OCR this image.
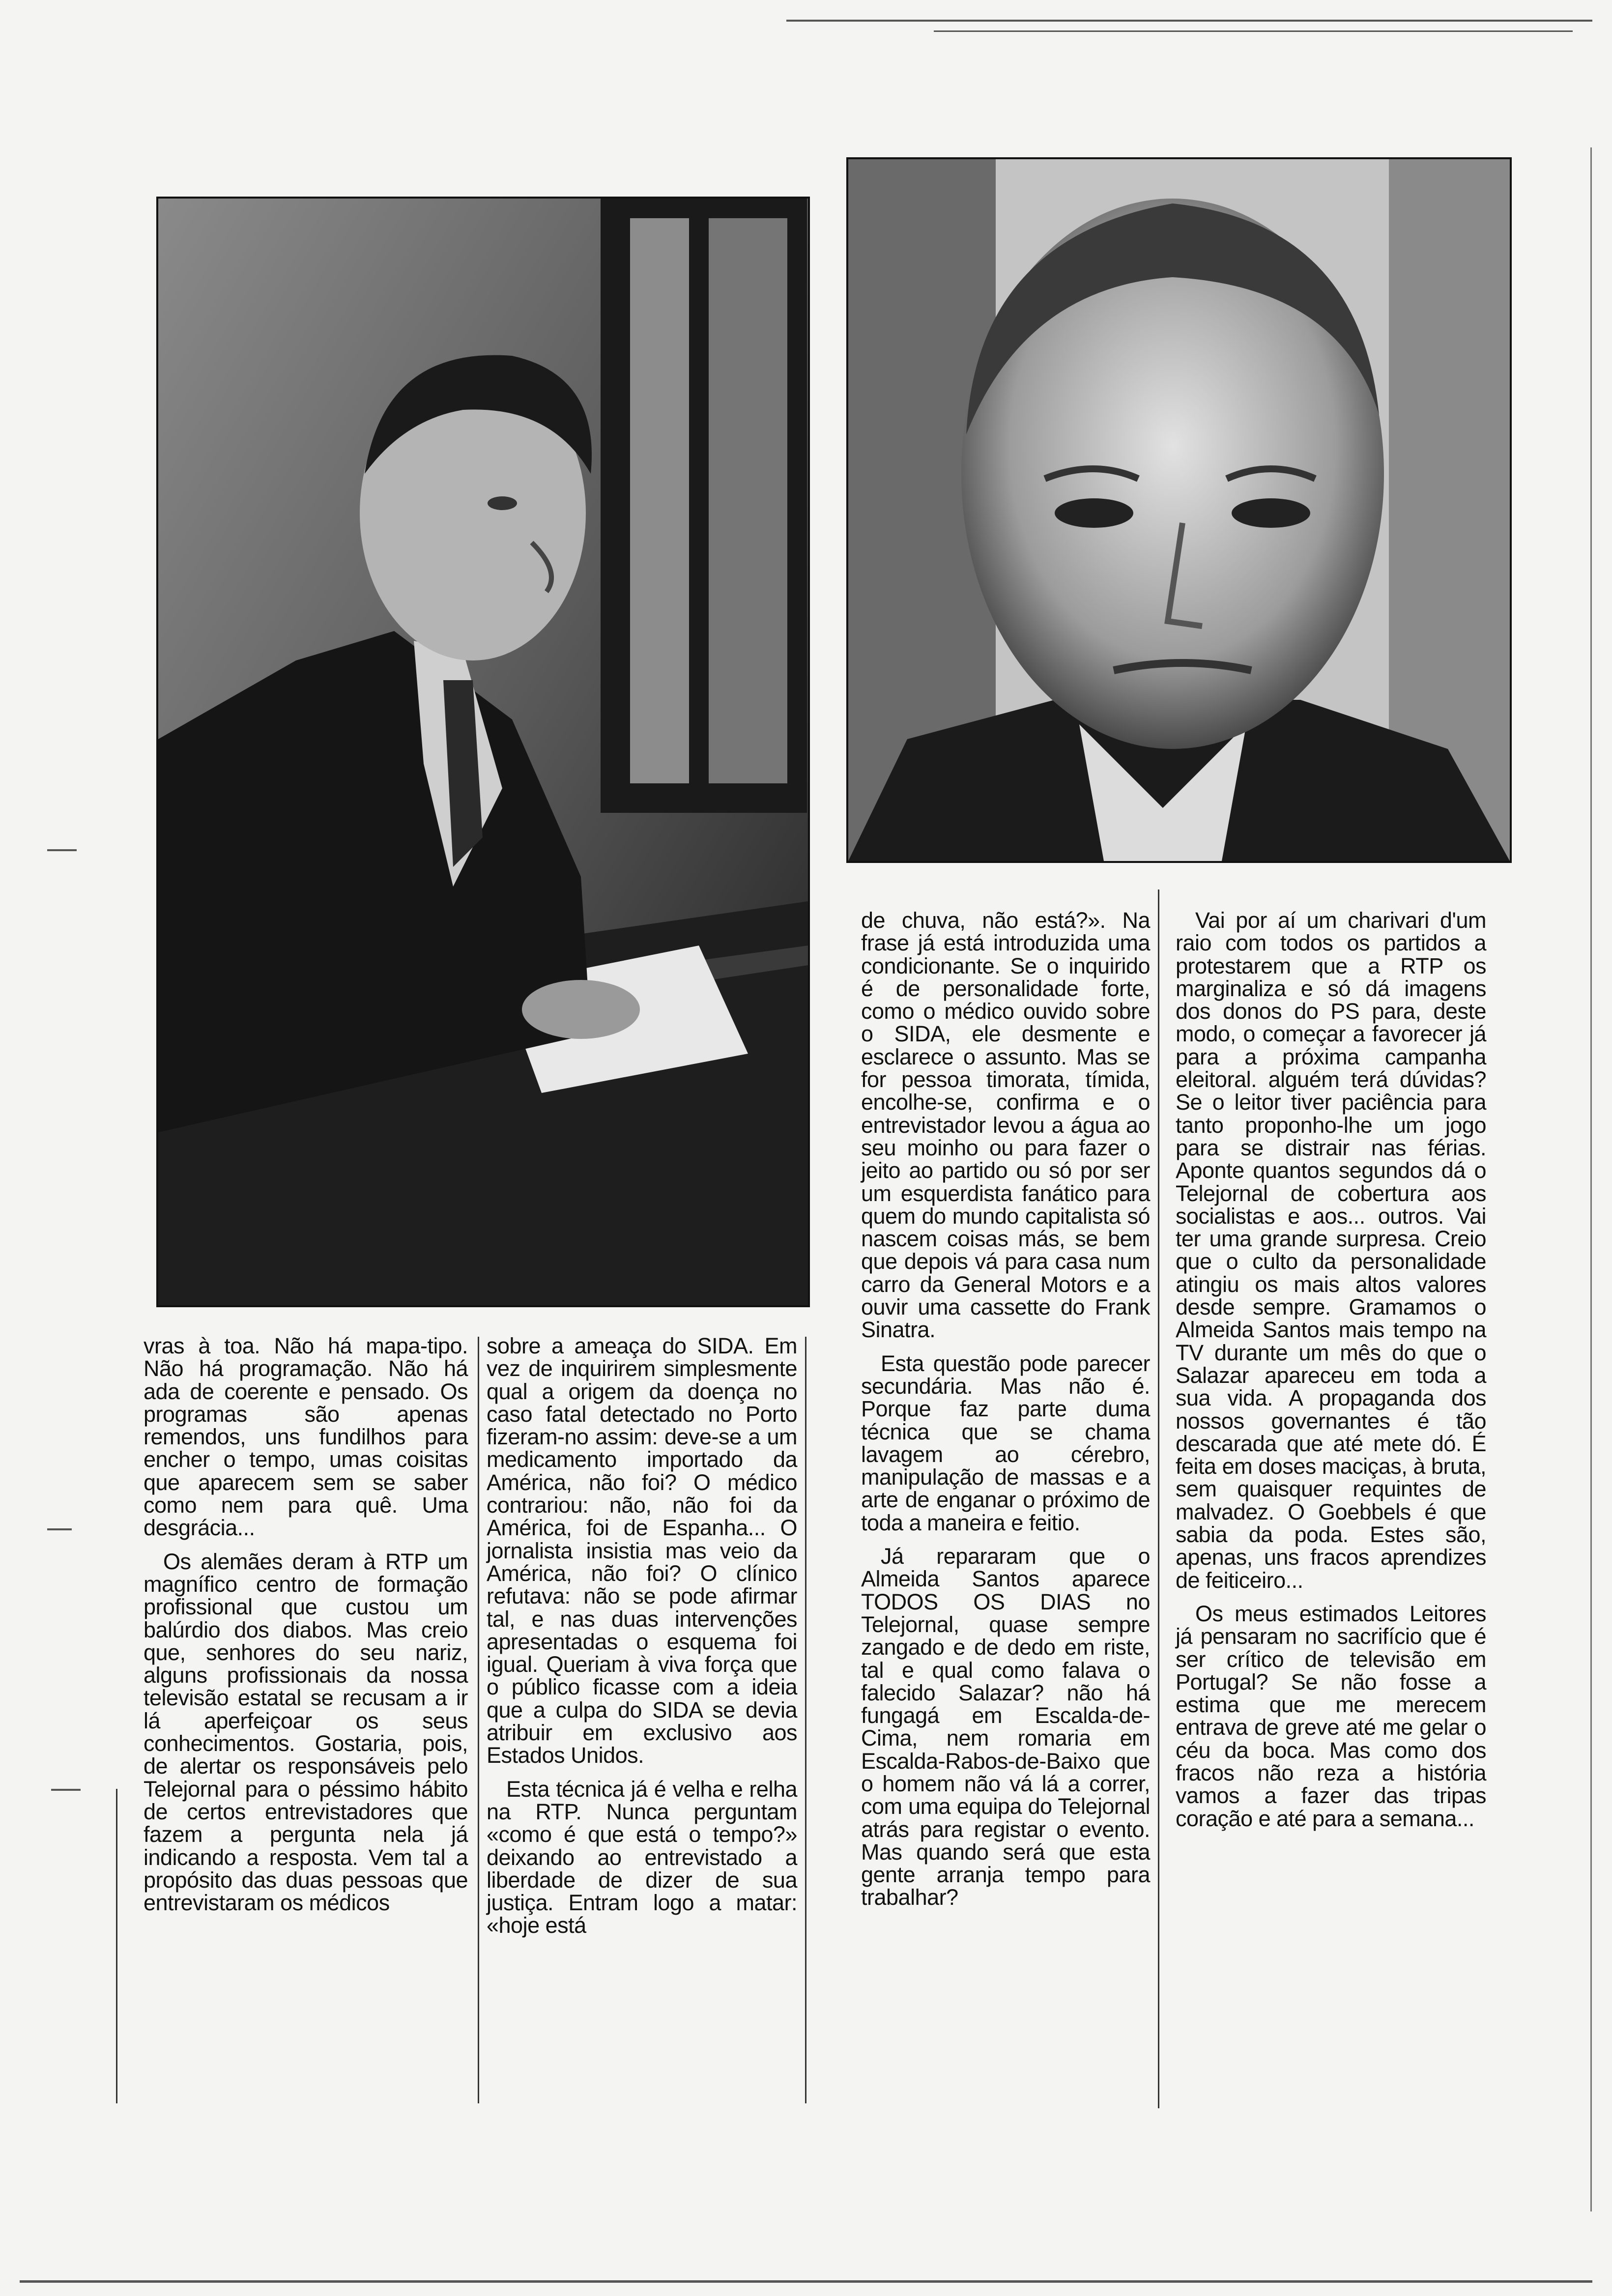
vras à toa. Não há mapa-tipo. Não há programação. Não há ada de coerente e pensado. Os programas são apenas remendos, uns fundilhos para encher o tempo, umas coisitas que aparecem sem se saber como nem para quê. Uma desgrácia...

Os alemães deram à RTP um magnífico centro de formação profissional que custou um balúrdio dos diabos. Mas creio que, senhores do seu nariz, alguns profissionais da nossa televisão estatal se recusam a ir lá aperfeiçoar os seus conhecimentos. Gostaria, pois, de alertar os responsáveis pelo Telejornal para o péssimo hábito de certos entrevistadores que fazem a pergunta nela já indicando a resposta. Vem tal a propósito das duas pessoas que entrevistaram os médicos

sobre a ameaça do SIDA. Em vez de inquirirem simplesmente qual a origem da doença no caso fatal detectado no Porto fizeram-no assim: deve-se a um medicamento importado da América, não foi? O médico contrariou: não, não foi da América, foi de Espanha... O jornalista insistia mas veio da América, não foi? O clínico refutava: não se pode afirmar tal, e nas duas intervenções apresentadas o esquema foi igual. Queriam à viva força que o público ficasse com a ideia que a culpa do SIDA se devia atribuir em exclusivo aos Estados Unidos.

Esta técnica já é velha e relha na RTP. Nunca perguntam «como é que está o tempo?» deixando ao entrevistado a liberdade de dizer de sua justiça. Entram logo a matar: «hoje está

de chuva, não está?». Na frase já está introduzida uma condicionante. Se o inquirido é de personalidade forte, como o médico ouvido sobre o SIDA, ele desmente e esclarece o assunto. Mas se for pessoa timorata, tímida, encolhe-se, confirma e o entrevistador levou a água ao seu moinho ou para fazer o jeito ao partido ou só por ser um esquerdista fanático para quem do mundo capitalista só nascem coisas más, se bem que depois vá para casa num carro da General Motors e a ouvir uma cassette do Frank Sinatra.

Esta questão pode parecer secundária. Mas não é. Porque faz parte duma técnica que se chama lavagem ao cérebro, manipulação de massas e a arte de enganar o próximo de toda a maneira e feitio.

Já repararam que o Almeida Santos aparece TODOS OS DIAS no Telejornal, quase sempre zangado e de dedo em riste, tal e qual como falava o falecido Salazar? não há fungagá em Escalda-de-Cima, nem romaria em Escalda-Rabos-de-Baixo que o homem não vá lá a correr, com uma equipa do Telejornal atrás para registar o evento. Mas quando será que esta gente arranja tempo para trabalhar?

Vai por aí um charivari d'um raio com todos os partidos a protestarem que a RTP os marginaliza e só dá imagens dos donos do PS para, deste modo, o começar a favorecer já para a próxima campanha eleitoral. alguém terá dúvidas? Se o leitor tiver paciência para tanto proponho-lhe um jogo para se distrair nas férias. Aponte quantos segundos dá o Telejornal de cobertura aos socialistas e aos... outros. Vai ter uma grande surpresa. Creio que o culto da personalidade atingiu os mais altos valores desde sempre. Gramamos o Almeida Santos mais tempo na TV durante um mês do que o Salazar apareceu em toda a sua vida. A propaganda dos nossos governantes é tão descarada que até mete dó. É feita em doses maciças, à bruta, sem quaisquer requintes de malvadez. O Goebbels é que sabia da poda. Estes são, apenas, uns fracos aprendizes de feiticeiro...

Os meus estimados Leitores já pensaram no sacrifício que é ser crítico de televisão em Portugal? Se não fosse a estima que me merecem entrava de greve até me gelar o céu da boca. Mas como dos fracos não reza a história vamos a fazer das tripas coração e até para a semana...
